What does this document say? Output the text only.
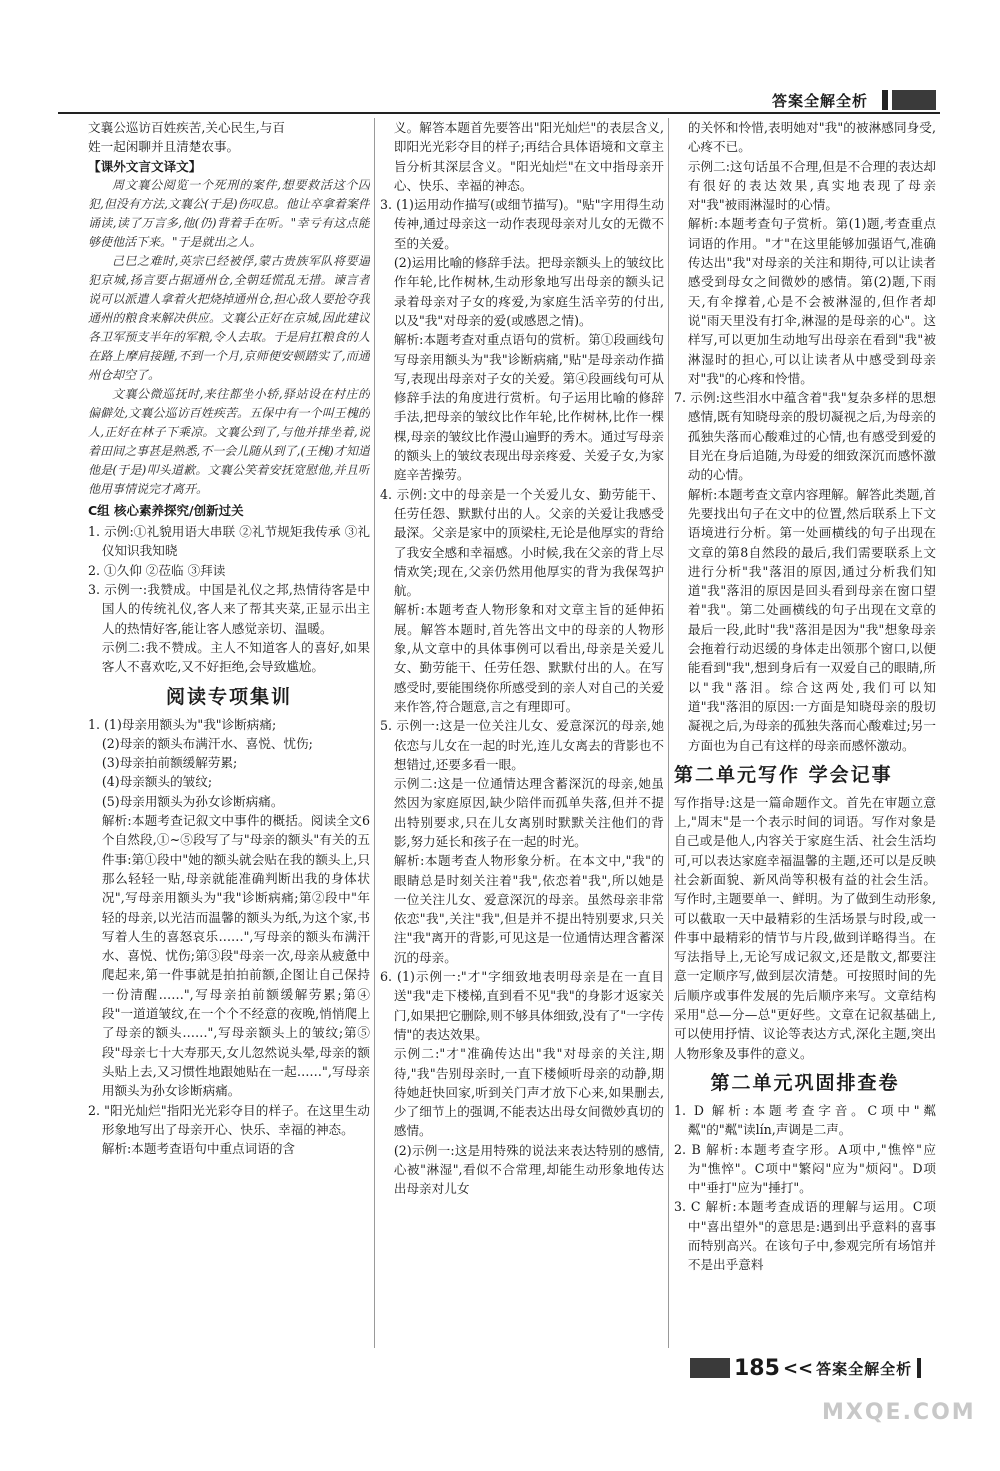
答案全解全析

文襄公巡访百姓疾苦,关心民生,与百

姓一起闲聊并且清楚农事。

【课外文言文译文】

周文襄公阅览一个死刑的案件,想要救活这个囚犯,但没有方法,文襄公(于是)伤叹息。他让卒拿着案件诵读,读了万言多,他(仍)背着手在听。"幸亏有这点能够使他活下来。"于是就出之人。

己巳之难时,英宗已经被俘,蒙古贵族军队将要逼犯京城,扬言要占据通州仓,全朝廷慌乱无措。谏言者说可以派遣人拿着火把烧掉通州仓,担心敌人要抢夺我通州的粮食来解决供应。文襄公正好在京城,因此建议各卫军预支半年的军粮,令人去取。于是肩扛粮食的人在路上摩肩接踵,不到一个月,京师便安顿踏实了,而通州仓却空了。

文襄公微巡抚时,来往都坐小轿,驿站设在村庄的偏僻处,文襄公巡访百姓疾苦。五保中有一个叫王槐的人,正好在林子下乘凉。文襄公到了,与他并排坐着,说着田间之事甚是熟悉,不一会儿随从到了,(王槐)才知道他是(于是)叩头道歉。文襄公笑着安抚宽慰他,并且听他用事情说完才离开。

C组 核心素养探究/创新过关

1. 示例:①礼貌用语大串联 ②礼节规矩我传承 ③礼仪知识我知晓

2. ①久仰 ②莅临 ③拜读

3. 示例一:我赞成。中国是礼仪之邦,热情待客是中国人的传统礼仪,客人来了帮其夹菜,正显示出主人的热情好客,能让客人感觉亲切、温暖。

示例二:我不赞成。主人不知道客人的喜好,如果客人不喜欢吃,又不好拒绝,会导致尴尬。

阅读专项集训

1. (1)母亲用额头为"我"诊断病痛;

(2)母亲的额头布满汗水、喜悦、忧伤;

(3)母亲拍前额缓解劳累;

(4)母亲额头的皱纹;

(5)母亲用额头为孙女诊断病痛。

解析:本题考查记叙文中事件的概括。阅读全文6个自然段,①~⑤段写了与"母亲的额头"有关的五件事:第①段中"她的额头就会贴在我的额头上,只那么轻轻一贴,母亲就能准确判断出我的身体状况",写母亲用额头为"我"诊断病痛;第②段中"年轻的母亲,以光洁而温馨的额头为纸,为这个家,书写着人生的喜怒哀乐……",写母亲的额头布满汗水、喜悦、忧伤;第③段"母亲一次,母亲从疲惫中爬起来,第一件事就是拍拍前额,企图让自己保持一份清醒……",写母亲拍前额缓解劳累;第④段"一道道皱纹,在一个个不经意的夜晚,悄悄爬上了母亲的额头……",写母亲额头上的皱纹;第⑤段"母亲七十大寿那天,女儿忽然说头晕,母亲的额头贴上去,又习惯性地跟她贴在一起……",写母亲用额头为孙女诊断病痛。

2. "阳光灿烂"指阳光光彩夺目的样子。在这里生动形象地写出了母亲开心、快乐、幸福的神态。

解析:本题考查语句中重点词语的含

义。解答本题首先要答出"阳光灿烂"的表层含义,即阳光光彩夺目的样子;再结合具体语境和文章主旨分析其深层含义。"阳光灿烂"在文中指母亲开心、快乐、幸福的神态。

3. (1)运用动作描写(或细节描写)。"贴"字用得生动传神,通过母亲这一动作表现母亲对儿女的无微不至的关爱。

(2)运用比喻的修辞手法。把母亲额头上的皱纹比作年轮,比作树林,生动形象地写出母亲的额头记录着母亲对子女的疼爱,为家庭生活辛劳的付出,以及"我"对母亲的爱(或感恩之情)。

解析:本题考查对重点语句的赏析。第①段画线句写母亲用额头为"我"诊断病痛,"贴"是母亲动作描写,表现出母亲对子女的关爱。第④段画线句可从修辞手法的角度进行赏析。句子运用比喻的修辞手法,把母亲的皱纹比作年轮,比作树林,比作一棵棵,母亲的皱纹比作漫山遍野的秀木。通过写母亲的额头上的皱纹表现出母亲疼爱、关爱子女,为家庭辛苦操劳。

4. 示例:文中的母亲是一个关爱儿女、勤劳能干、任劳任怨、默默付出的人。父亲的关爱让我感受最深。父亲是家中的顶梁柱,无论是他厚实的背给了我安全感和幸福感。小时候,我在父亲的背上尽情欢笑;现在,父亲仍然用他厚实的背为我保驾护航。

解析:本题考查人物形象和对文章主旨的延伸拓展。解答本题时,首先答出文中的母亲的人物形象,从文章中的具体事例可以看出,母亲是关爱儿女、勤劳能干、任劳任怨、默默付出的人。在写感受时,要能围绕你所感受到的亲人对自己的关爱来作答,符合题意,言之有理即可。

5. 示例一:这是一位关注儿女、爱意深沉的母亲,她依恋与儿女在一起的时光,连儿女离去的背影也不想错过,还要多看一眼。

示例二:这是一位通情达理含蓄深沉的母亲,她虽然因为家庭原因,缺少陪伴而孤单失落,但并不提出特别要求,只在儿女离别时默默关注他们的背影,努力延长和孩子在一起的时光。

解析:本题考查人物形象分析。在本文中,"我"的眼睛总是时刻关注着"我",依恋着"我",所以她是一位关注儿女、爱意深沉的母亲。虽然母亲非常依恋"我",关注"我",但是并不提出特别要求,只关注"我"离开的背影,可见这是一位通情达理含蓄深沉的母亲。

6. (1)示例一:"才"字细致地表明母亲是在一直目送"我"走下楼梯,直到看不见"我"的身影才返家关门,如果把它删除,则不够具体细致,没有了"一字传情"的表达效果。

示例二:"才"准确传达出"我"对母亲的关注,期待,"我"告别母亲时,一直下楼倾听母亲的动静,期待她赶快回家,听到关门声才放下心来,如果删去,少了细节上的强调,不能表达出母女间微妙真切的感情。

(2)示例一:这是用特殊的说法来表达特别的感情,心被"淋湿",看似不合常理,却能生动形象地传达出母亲对儿女

的关怀和怜惜,表明她对"我"的被淋感同身受,心疼不已。

示例二:这句话虽不合理,但是不合理的表达却有很好的表达效果,真实地表现了母亲对"我"被雨淋湿时的心情。

解析:本题考查句子赏析。第(1)题,考查重点词语的作用。"才"在这里能够加强语气,准确传达出"我"对母亲的关注和期待,可以让读者感受到母女之间微妙的感情。第(2)题,下雨天,有伞撑着,心是不会被淋湿的,但作者却说"雨天里没有打伞,淋湿的是母亲的心"。这样写,可以更加生动地写出母亲在看到"我"被淋湿时的担心,可以让读者从中感受到母亲对"我"的心疼和怜惜。

7. 示例:这些泪水中蕴含着"我"复杂多样的思想感情,既有知晓母亲的殷切凝视之后,为母亲的孤独失落而心酸难过的心情,也有感受到爱的目光在身后追随,为母爱的细致深沉而感怀激动的心情。

解析:本题考查文章内容理解。解答此类题,首先要找出句子在文中的位置,然后联系上下文语境进行分析。第一处画横线的句子出现在文章的第8自然段的最后,我们需要联系上文进行分析"我"落泪的原因,通过分析我们知道"我"落泪的原因是回头看到母亲在窗口望着"我"。第二处画横线的句子出现在文章的最后一段,此时"我"落泪是因为"我"想象母亲会拖着行动迟缓的身体走出领那个窗口,以便能看到"我",想到身后有一双爱自己的眼睛,所以"我"落泪。综合这两处,我们可以知道"我"落泪的原因:一方面是知晓母亲的殷切凝视之后,为母亲的孤独失落而心酸难过;另一方面也为自己有这样的母亲而感怀激动。

第二单元写作 学会记事

写作指导:这是一篇命题作文。首先在审题立意上,"周末"是一个表示时间的词语。写作对象是自己或是他人,内容关于家庭生活、社会生活均可,可以表达家庭幸福温馨的主题,还可以是反映社会新面貌、新风尚等积极有益的社会生活。写作时,主题要单一、鲜明。为了做到生动形象,可以截取一天中最精彩的生活场景与时段,或一件事中最精彩的情节与片段,做到详略得当。在写法指导上,无论写成记叙文,还是散文,都要注意一定顺序写,做到层次清楚。可按照时间的先后顺序或事件发展的先后顺序来写。文章结构采用"总—分—总"更好些。文章在记叙基础上,可以使用抒情、议论等表达方式,深化主题,突出人物形象及事件的意义。

第二单元巩固排查卷

1. D 解析:本题考查字音。C项中"粼粼"的"粼"读lín,声调是二声。

2. B 解析:本题考查字形。A项中,"憔悴"应为"憔悴"。C项中"繁闷"应为"烦闷"。D项中"垂打"应为"捶打"。

3. C 解析:本题考查成语的理解与运用。C项中"喜出望外"的意思是:遇到出乎意料的喜事而特别高兴。在该句子中,参观完所有场馆并不是出乎意料

185 << 答案全解全析
MXQE.COM
